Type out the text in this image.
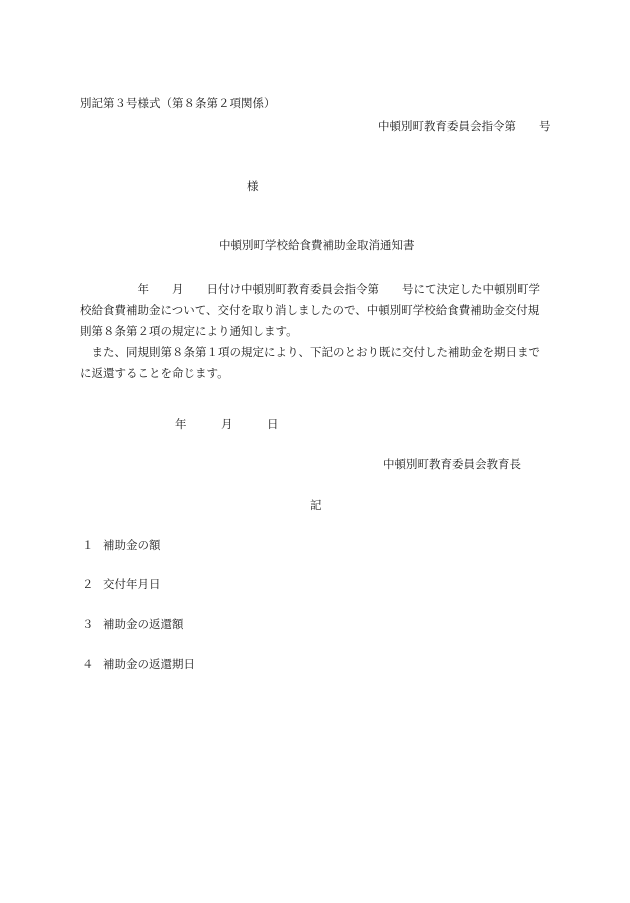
別記第３号様式（第８条第２項関係）
中頓別町教育委員会指令第　　号
様
中頓別町学校給食費補助金取消通知書
　　　　　年　　月　　日付け中頓別町教育委員会指令第　　号にて決定した中頓別町学
校給食費補助金について、交付を取り消しましたので、中頓別町学校給食費補助金交付規
則第８条第２項の規定により通知します。
　また、同規則第８条第１項の規定により、下記のとおり既に交付した補助金を期日まで
に返還することを命じます。
年　　　月　　　日
中頓別町教育委員会教育長
記
１ 補助金の額
２ 交付年月日
３ 補助金の返還額
４ 補助金の返還期日
